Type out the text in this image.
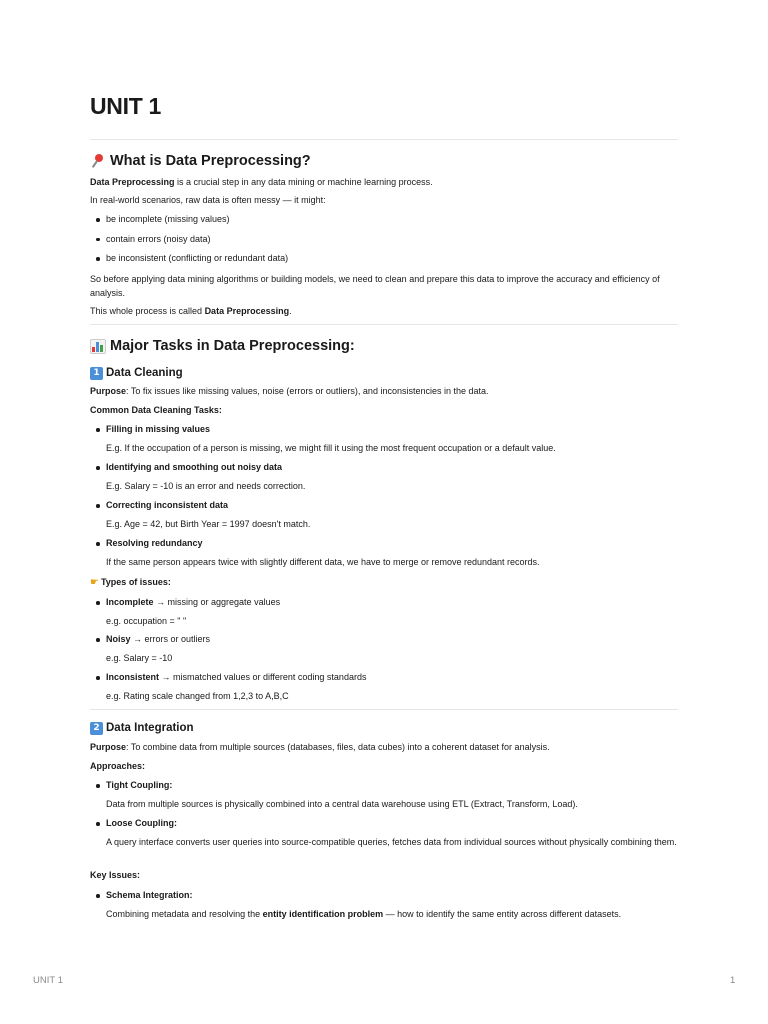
UNIT 1
What is Data Preprocessing?

Data Preprocessing is a crucial step in any data mining or machine learning process.

In real-world scenarios, raw data is often messy — it might:

be incomplete (missing values)
contain errors (noisy data)
be inconsistent (conflicting or redundant data)

So before applying data mining algorithms or building models, we need to clean and prepare this data to improve the accuracy and efficiency of analysis.

This whole process is called Data Preprocessing.

Major Tasks in Data Preprocessing:
1 Data Cleaning

Purpose: To fix issues like missing values, noise (errors or outliers), and inconsistencies in the data.

Common Data Cleaning Tasks:

Filling in missing values

E.g. If the occupation of a person is missing, we might fill it using the most frequent occupation or a default value.

Identifying and smoothing out noisy data

E.g. Salary = -10 is an error and needs correction.

Correcting inconsistent data

E.g. Age = 42, but Birth Year = 1997 doesn't match.

Resolving redundancy

If the same person appears twice with slightly different data, we have to merge or remove redundant records.

☛ Types of issues:

Incomplete → missing or aggregate values

e.g. occupation = " "

Noisy → errors or outliers

e.g. Salary = -10

Inconsistent → mismatched values or different coding standards

e.g. Rating scale changed from 1,2,3 to A,B,C

2 Data Integration

Purpose: To combine data from multiple sources (databases, files, data cubes) into a coherent dataset for analysis.

Approaches:

Tight Coupling:

Data from multiple sources is physically combined into a central data warehouse using ETL (Extract, Transform, Load).

Loose Coupling:

A query interface converts user queries into source-compatible queries, fetches data from individual sources without physically combining them.

Key Issues:

Schema Integration:

Combining metadata and resolving the entity identification problem — how to identify the same entity across different datasets.

UNIT 1	1
